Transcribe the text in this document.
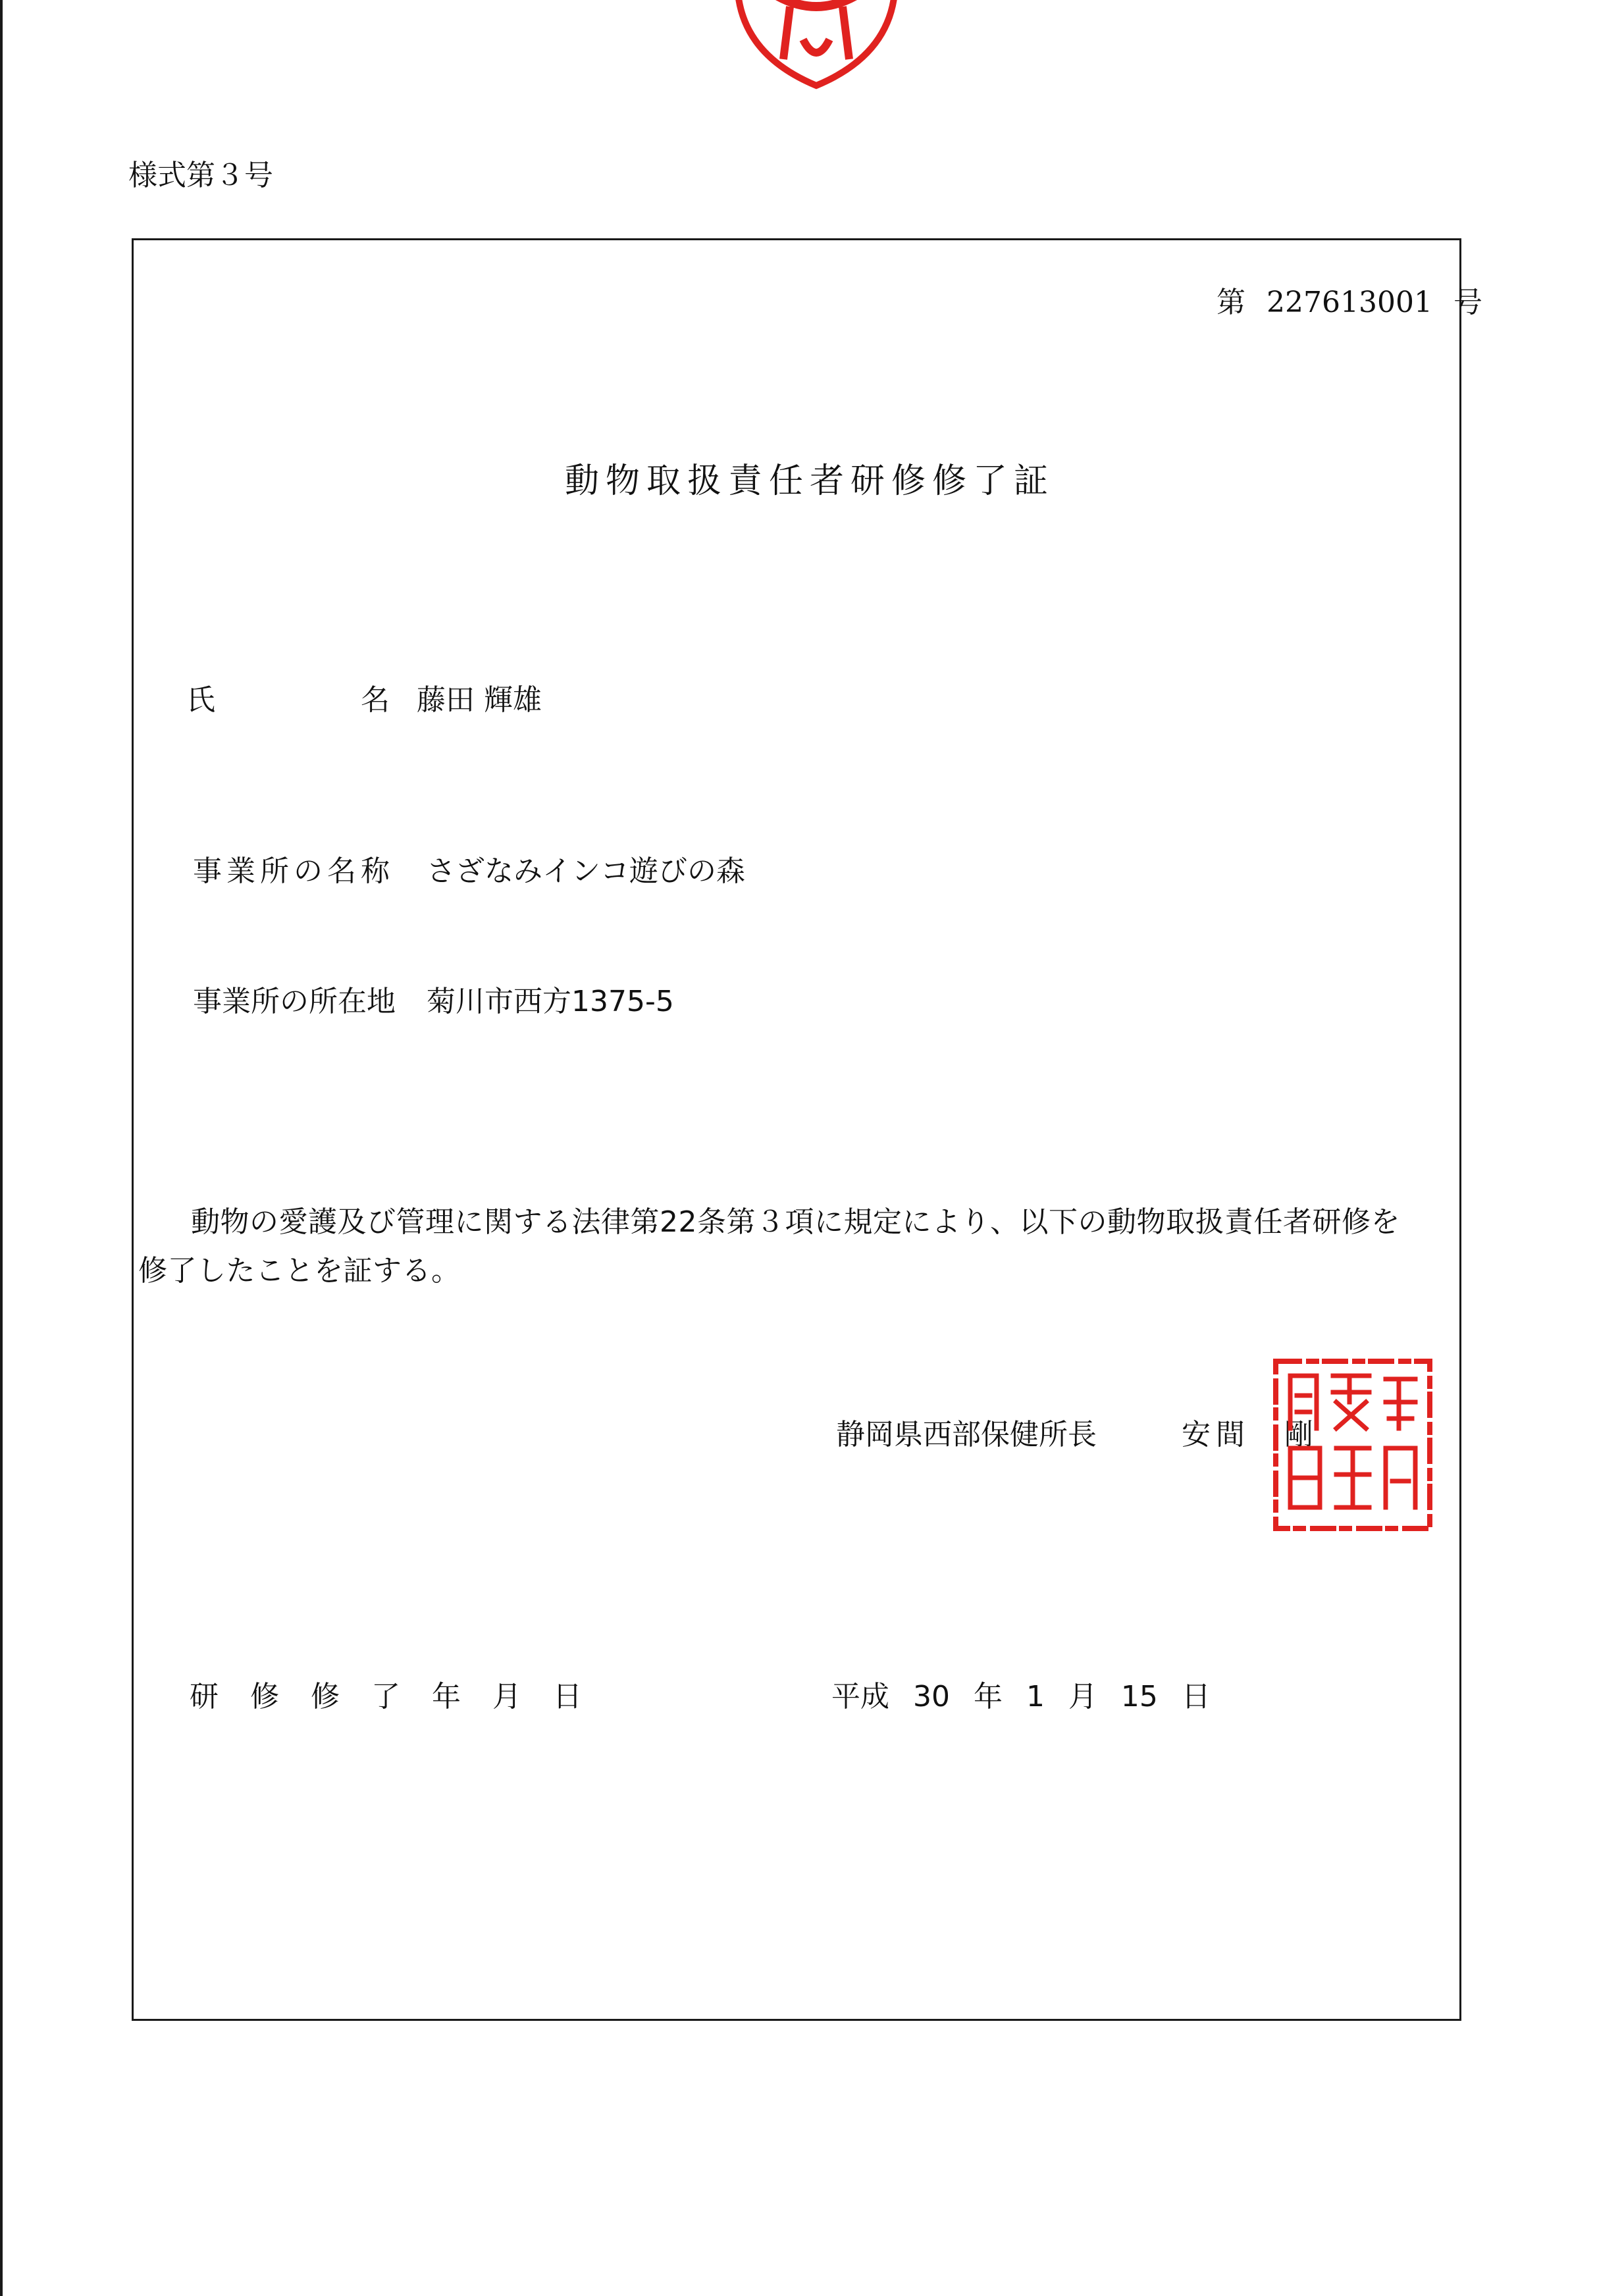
様式第３号
第 227613001 号
動物取扱責任者研修修了証
氏	名 藤田 輝雄
事業所の名称 さざなみインコ遊びの森
事業所の所在地 菊川市西方1375-5
動物の愛護及び管理に関する法律第22条第３項に規定により、以下の動物取扱責任者研修を修了したことを証する。
静岡県西部保健所長	安間　剛
研修修了年月日	平成 30 年 1 月 15 日
